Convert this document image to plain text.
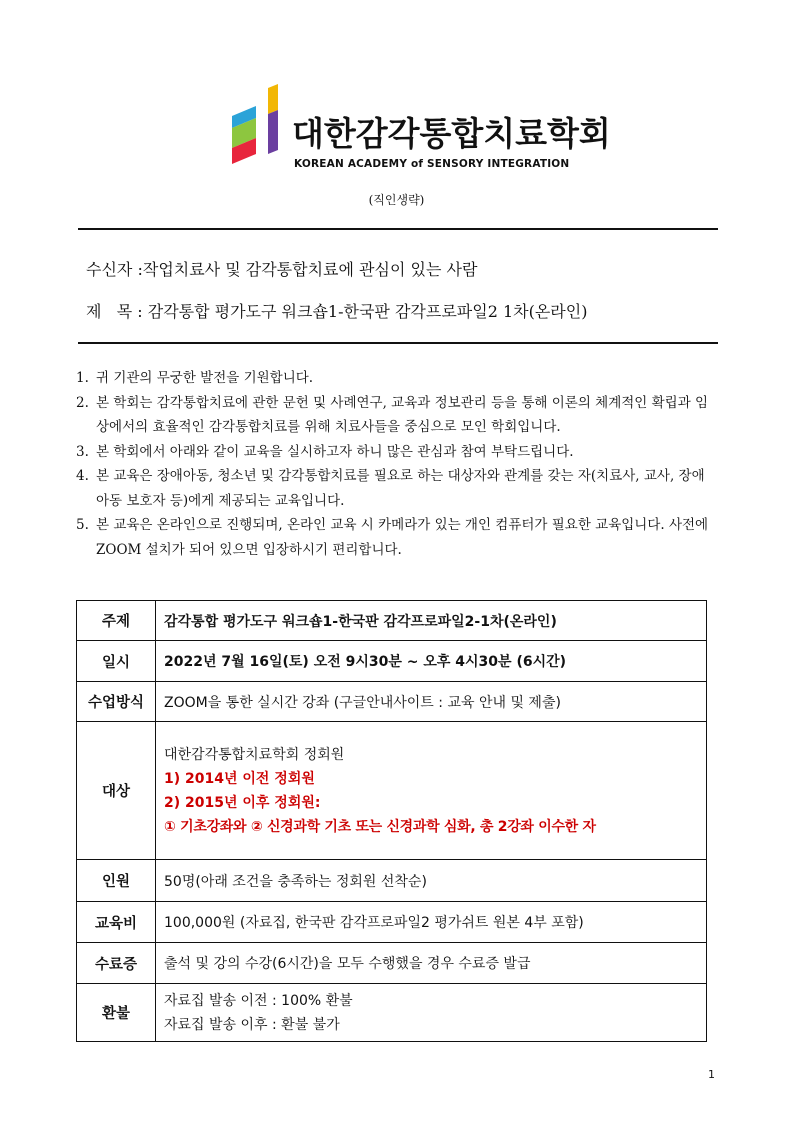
대한감각통합치료학회
KOREAN ACADEMY of SENSORY INTEGRATION
(직인생략)
수신자 :작업치료사 및 감각통합치료에 관심이 있는 사람
제   목 : 감각통합 평가도구 워크숍1-한국판 감각프로파일2 1차(온라인)
1. 귀 기관의 무궁한 발전을 기원합니다.
2. 본 학회는 감각통합치료에 관한 문헌 및 사례연구, 교육과 정보관리 등을 통해 이론의 체계적인 확립과 임상에서의 효율적인 감각통합치료를 위해 치료사들을 중심으로 모인 학회입니다.
3. 본 학회에서 아래와 같이 교육을 실시하고자 하니 많은 관심과 참여 부탁드립니다.
4. 본 교육은 장애아동, 청소년 및 감각통합치료를 필요로 하는 대상자와 관계를 갖는 자(치료사, 교사, 장애아동 보호자 등)에게 제공되는 교육입니다.
5. 본 교육은 온라인으로 진행되며, 온라인 교육 시 카메라가 있는 개인 컴퓨터가 필요한 교육입니다. 사전에 ZOOM 설치가 되어 있으면 입장하시기 편리합니다.
주제	감각통합 평가도구 워크숍1-한국판 감각프로파일2-1차(온라인)
일시	2022년 7월 16일(토) 오전 9시30분 ~ 오후 4시30분 (6시간)
수업방식	ZOOM을 통한 실시간 강좌 (구글안내사이트 : 교육 안내 및 제출)
대상	대한감각통합치료학회 정회원
1) 2014년 이전 정회원
2) 2015년 이후 정회원:
① 기초강좌와 ② 신경과학 기초 또는 신경과학 심화, 총 2강좌 이수한 자

인원	50명(아래 조건을 충족하는 정회원 선착순)
교육비	100,000원 (자료집, 한국판 감각프로파일2 평가쉬트 원본 4부 포함)
수료증	출석 및 강의 수강(6시간)을 모두 수행했을 경우 수료증 발급
환불	자료집 발송 이전 : 100% 환불
자료집 발송 이후 : 환불 불가
1
